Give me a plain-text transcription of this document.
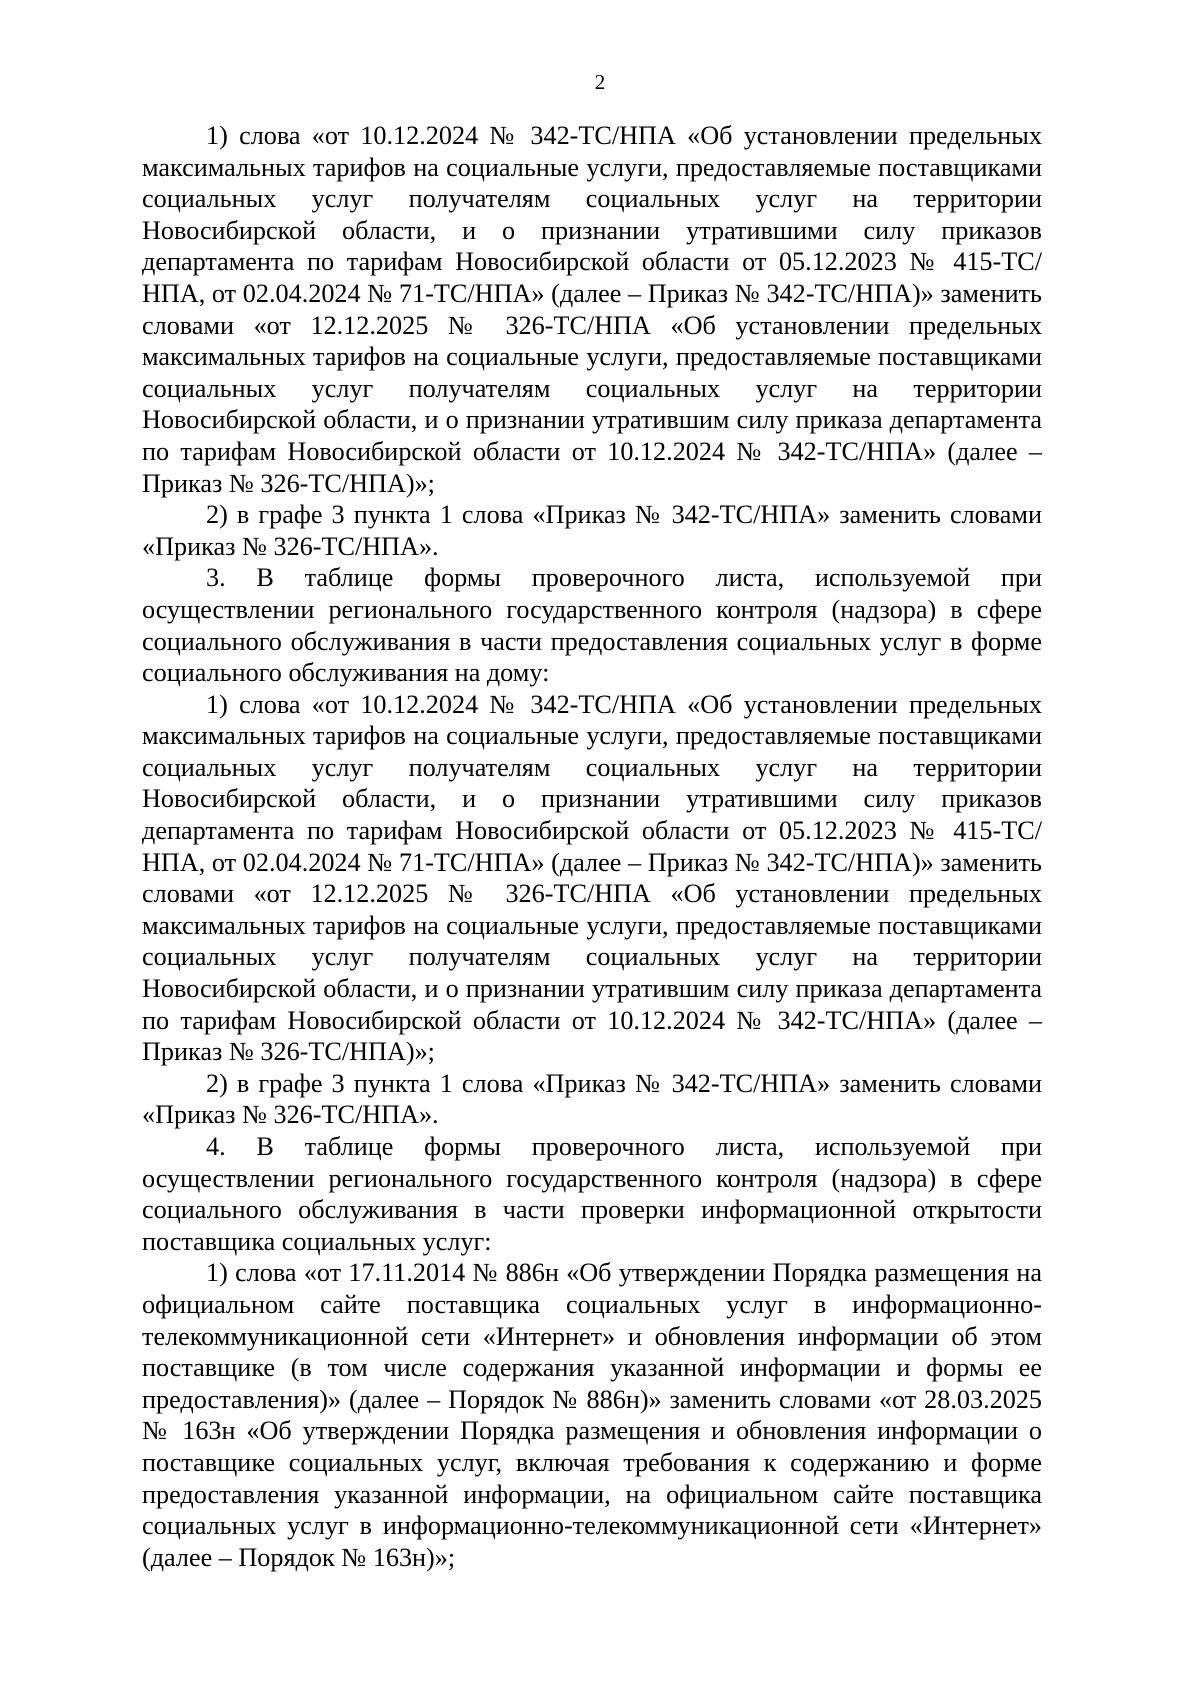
2

1) слова «от 10.12.2024 № 342-ТС/НПА «Об установлении предельных максимальных тарифов на социальные услуги, предоставляемые поставщиками социальных услуг получателям социальных услуг на территории Новосибирской области, и о признании утратившими силу приказов департамента по тарифам Новосибирской области от 05.12.2023 № 415-ТС/НПА, от 02.04.2024 № 71-ТС/НПА» (далее – Приказ № 342-ТС/НПА)» заменить словами «от 12.12.2025 № 326-ТС/НПА «Об установлении предельных максимальных тарифов на социальные услуги, предоставляемые поставщиками социальных услуг получателям социальных услуг на территории Новосибирской области, и о признании утратившим силу приказа департамента по тарифам Новосибирской области от 10.12.2024 № 342-ТС/НПА» (далее – Приказ № 326-ТС/НПА)»;

2) в графе 3 пункта 1 слова «Приказ № 342-ТС/НПА» заменить словами «Приказ № 326-ТС/НПА».

3. В таблице формы проверочного листа, используемой при осуществлении регионального государственного контроля (надзора) в сфере социального обслуживания в части предоставления социальных услуг в форме социального обслуживания на дому:

1) слова «от 10.12.2024 № 342-ТС/НПА «Об установлении предельных максимальных тарифов на социальные услуги, предоставляемые поставщиками социальных услуг получателям социальных услуг на территории Новосибирской области, и о признании утратившими силу приказов департамента по тарифам Новосибирской области от 05.12.2023 № 415-ТС/НПА, от 02.04.2024 № 71-ТС/НПА» (далее – Приказ № 342-ТС/НПА)» заменить словами «от 12.12.2025 № 326-ТС/НПА «Об установлении предельных максимальных тарифов на социальные услуги, предоставляемые поставщиками социальных услуг получателям социальных услуг на территории Новосибирской области, и о признании утратившим силу приказа департамента по тарифам Новосибирской области от 10.12.2024 № 342-ТС/НПА» (далее – Приказ № 326-ТС/НПА)»;

2) в графе 3 пункта 1 слова «Приказ № 342-ТС/НПА» заменить словами «Приказ № 326-ТС/НПА».

4. В таблице формы проверочного листа, используемой при осуществлении регионального государственного контроля (надзора) в сфере социального обслуживания в части проверки информационной открытости поставщика социальных услуг:

1) слова «от 17.11.2014 № 886н «Об утверждении Порядка размещения на официальном сайте поставщика социальных услуг в информационно-телекоммуникационной сети «Интернет» и обновления информации об этом поставщике (в том числе содержания указанной информации и формы ее предоставления)» (далее – Порядок № 886н)» заменить словами «от 28.03.2025 № 163н «Об утверждении Порядка размещения и обновления информации о поставщике социальных услуг, включая требования к содержанию и форме предоставления указанной информации, на официальном сайте поставщика социальных услуг в информационно-телекоммуникационной сети «Интернет» (далее – Порядок № 163н)»;
